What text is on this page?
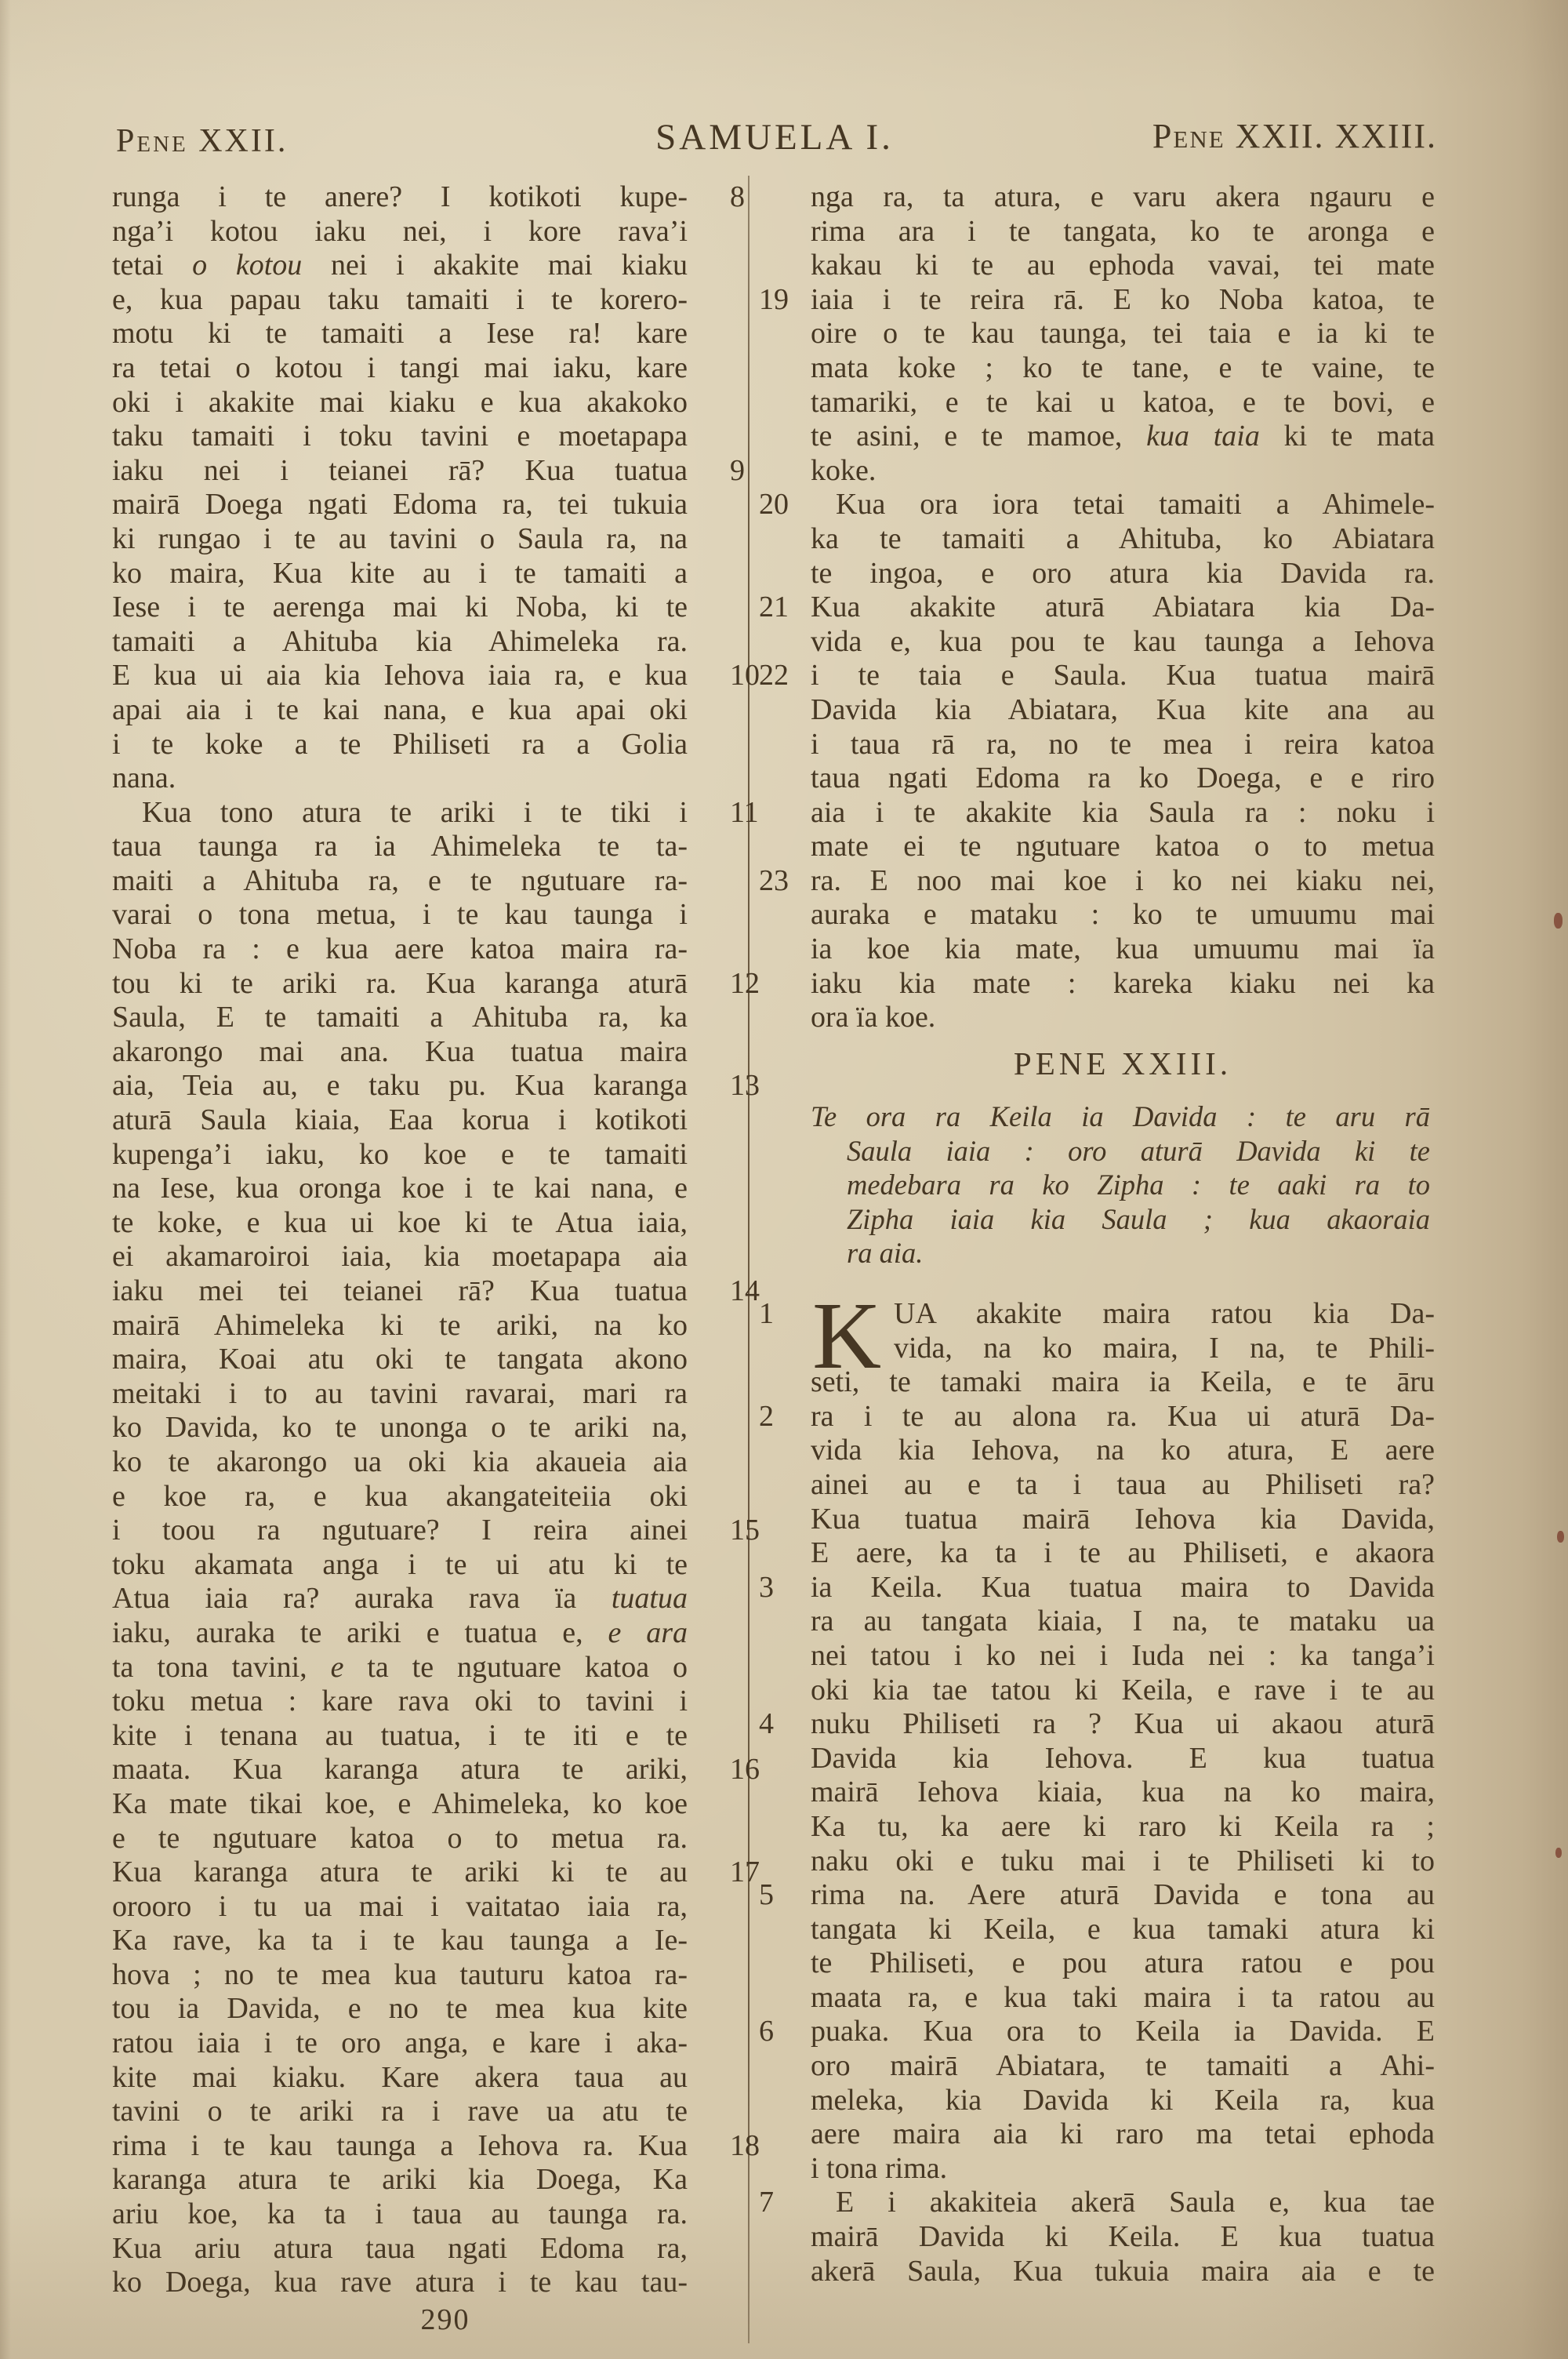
Pene XXII.	SAMUELA I.	Pene XXII. XXIII.
8
runga i te anere? I kotikoti kupe-
nga’i kotou iaku nei, i kore rava’i
tetai o kotou nei i akakite mai kiaku
e, kua papau taku tamaiti i te korero-
motu ki te tamaiti a Iese ra! kare
ra tetai o kotou i tangi mai iaku, kare
oki i akakite mai kiaku e kua akakoko
taku tamaiti i toku tavini e moetapapa
9
iaku nei i teianei rā? Kua tuatua
mairā Doega ngati Edoma ra, tei tukuia
ki rungao i te au tavini o Saula ra, na
ko maira, Kua kite au i te tamaiti a
Iese i te aerenga mai ki Noba, ki te
tamaiti a Ahituba kia Ahimeleka ra.
10
E kua ui aia kia Iehova iaia ra, e kua
apai aia i te kai nana, e kua apai oki
i te koke a te Philiseti ra a Golia
nana.
11
Kua tono atura te ariki i te tiki i
taua taunga ra ia Ahimeleka te ta-
maiti a Ahituba ra, e te ngutuare ra-
varai o tona metua, i te kau taunga i
Noba ra : e kua aere katoa maira ra-
12
tou ki te ariki ra. Kua karanga aturā
Saula, E te tamaiti a Ahituba ra, ka
akarongo mai ana. Kua tuatua maira
13
aia, Teia au, e taku pu. Kua karanga
aturā Saula kiaia, Eaa korua i kotikoti
kupenga’i iaku, ko koe e te tamaiti
na Iese, kua oronga koe i te kai nana, e
te koke, e kua ui koe ki te Atua iaia,
ei akamaroiroi iaia, kia moetapapa aia
14
iaku mei tei teianei rā? Kua tuatua
mairā Ahimeleka ki te ariki, na ko
maira, Koai atu oki te tangata akono
meitaki i to au tavini ravarai, mari ra
ko Davida, ko te unonga o te ariki na,
ko te akarongo ua oki kia akaueia aia
e koe ra, e kua akangateiteiia oki
15
i toou ra ngutuare? I reira ainei
toku akamata anga i te ui atu ki te
Atua iaia ra? auraka rava ïa tuatua
iaku, auraka te ariki e tuatua e, e ara
ta tona tavini, e ta te ngutuare katoa o
toku metua : kare rava oki to tavini i
kite i tenana au tuatua, i te iti e te
16
maata. Kua karanga atura te ariki,
Ka mate tikai koe, e Ahimeleka, ko koe
e te ngutuare katoa o to metua ra.
17
Kua karanga atura te ariki ki te au
orooro i tu ua mai i vaitatao iaia ra,
Ka rave, ka ta i te kau taunga a Ie-
hova ; no te mea kua tauturu katoa ra-
tou ia Davida, e no te mea kua kite
ratou iaia i te oro anga, e kare i aka-
kite mai kiaku. Kare akera taua au
tavini o te ariki ra i rave ua atu te
18
rima i te kau taunga a Iehova ra. Kua
karanga atura te ariki kia Doega, Ka
ariu koe, ka ta i taua au taunga ra.
Kua ariu atura taua ngati Edoma ra,
ko Doega, kua rave atura i te kau tau-
nga ra, ta atura, e varu akera ngauru e
rima ara i te tangata, ko te aronga e
kakau ki te au ephoda vavai, tei mate
19 iaia i te reira rā. E ko Noba katoa, te
oire o te kau taunga, tei taia e ia ki te
mata koke ; ko te tane, e te vaine, te
tamariki, e te kai u katoa, e te bovi, e
te asini, e te mamoe, kua taia ki te mata
koke.
20	Kua ora iora tetai tamaiti a Ahimele-
ka te tamaiti a Ahituba, ko Abiatara
te ingoa, e oro atura kia Davida ra.
21 Kua akakite aturā Abiatara kia Da-
vida e, kua pou te kau taunga a Iehova
22 i te taia e Saula. Kua tuatua mairā
Davida kia Abiatara, Kua kite ana au
i taua rā ra, no te mea i reira katoa
taua ngati Edoma ra ko Doega, e e riro
aia i te akakite kia Saula ra : noku i
mate ei te ngutuare katoa o to metua
23 ra. E noo mai koe i ko nei kiaku nei,
auraka e mataku : ko te umuumu mai
ia koe kia mate, kua umuumu mai ïa
iaku kia mate : kareka kiaku nei ka
ora ïa koe.
PENE XXIII.
Te ora ra Keila ia Davida : te aru rā
Saula iaia : oro aturā Davida ki te
medebara ra ko Zipha : te aaki ra to
Zipha iaia kia Saula ; kua akaoraia
ra aia.
K
1	UA akakite maira ratou kia Da-
vida, na ko maira, I na, te Phili-
seti, te tamaki maira ia Keila, e te āru
2	ra i te au alona ra. Kua ui aturā Da-
vida kia Iehova, na ko atura, E aere
ainei au e ta i taua au Philiseti ra?
Kua tuatua mairā Iehova kia Davida,
E aere, ka ta i te au Philiseti, e akaora
3	ia Keila. Kua tuatua maira to Davida
ra au tangata kiaia, I na, te mataku ua
nei tatou i ko nei i Iuda nei : ka tanga’i
oki kia tae tatou ki Keila, e rave i te au
4	nuku Philiseti ra ? Kua ui akaou aturā
Davida kia Iehova. E kua tuatua
mairā Iehova kiaia, kua na ko maira,
Ka tu, ka aere ki raro ki Keila ra ;
naku oki e tuku mai i te Philiseti ki to
5	rima na. Aere aturā Davida e tona au
tangata ki Keila, e kua tamaki atura ki
te Philiseti, e pou atura ratou e pou
maata ra, e kua taki maira i ta ratou au
6	puaka. Kua ora to Keila ia Davida. E
oro mairā Abiatara, te tamaiti a Ahi-
meleka, kia Davida ki Keila ra, kua
aere maira aia ki raro ma tetai ephoda
i tona rima.
7	E i akakiteia akerā Saula e, kua tae
mairā Davida ki Keila. E kua tuatua
akerā Saula, Kua tukuia maira aia e te
290
